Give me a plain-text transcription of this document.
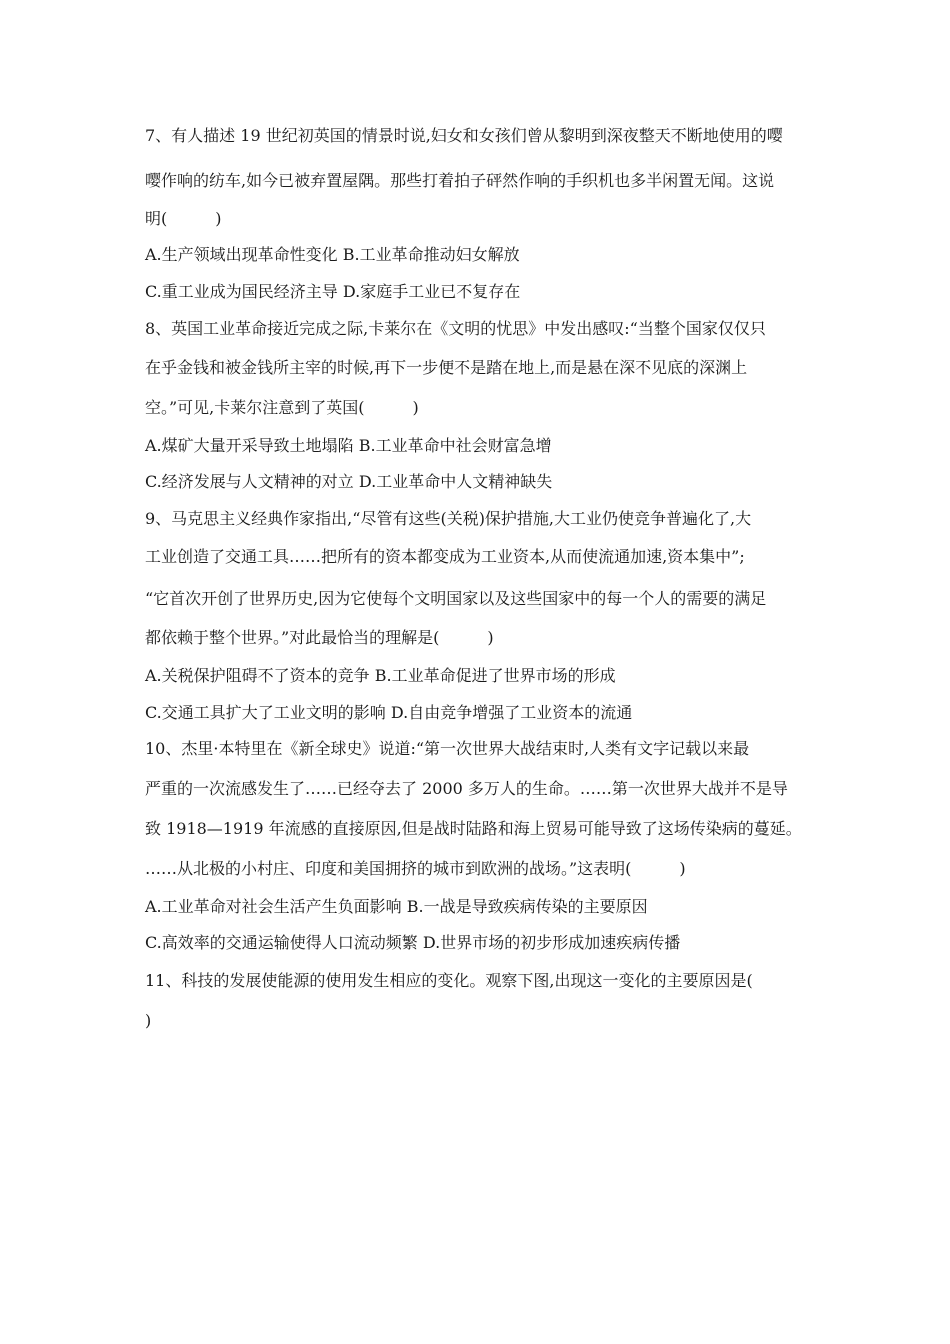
7、有人描述 19 世纪初英国的情景时说,妇女和女孩们曾从黎明到深夜整天不断地使用的嘤
嘤作响的纺车,如今已被弃置屋隅。那些打着拍子砰然作响的手织机也多半闲置无闻。这说
明(　　　)
A.生产领域出现革命性变化 B.工业革命推动妇女解放
C.重工业成为国民经济主导 D.家庭手工业已不复存在
8、英国工业革命接近完成之际,卡莱尔在《文明的忧思》中发出感叹:“当整个国家仅仅只
在乎金钱和被金钱所主宰的时候,再下一步便不是踏在地上,而是悬在深不见底的深渊上
空。”可见,卡莱尔注意到了英国(　　　)
A.煤矿大量开采导致土地塌陷 B.工业革命中社会财富急增
C.经济发展与人文精神的对立 D.工业革命中人文精神缺失
9、马克思主义经典作家指出,“尽管有这些(关税)保护措施,大工业仍使竞争普遍化了,大
工业创造了交通工具……把所有的资本都变成为工业资本,从而使流通加速,资本集中”;
“它首次开创了世界历史,因为它使每个文明国家以及这些国家中的每一个人的需要的满足
都依赖于整个世界。”对此最恰当的理解是(　　　)
A.关税保护阻碍不了资本的竞争 B.工业革命促进了世界市场的形成
C.交通工具扩大了工业文明的影响 D.自由竞争增强了工业资本的流通
10、杰里·本特里在《新全球史》说道:“第一次世界大战结束时,人类有文字记载以来最
严重的一次流感发生了……已经夺去了 2000 多万人的生命。……第一次世界大战并不是导
致 1918—1919 年流感的直接原因,但是战时陆路和海上贸易可能导致了这场传染病的蔓延。
……从北极的小村庄、印度和美国拥挤的城市到欧洲的战场。”这表明(　　　)
A.工业革命对社会生活产生负面影响 B.一战是导致疾病传染的主要原因
C.高效率的交通运输使得人口流动频繁 D.世界市场的初步形成加速疾病传播
11、科技的发展使能源的使用发生相应的变化。观察下图,出现这一变化的主要原因是(
)
